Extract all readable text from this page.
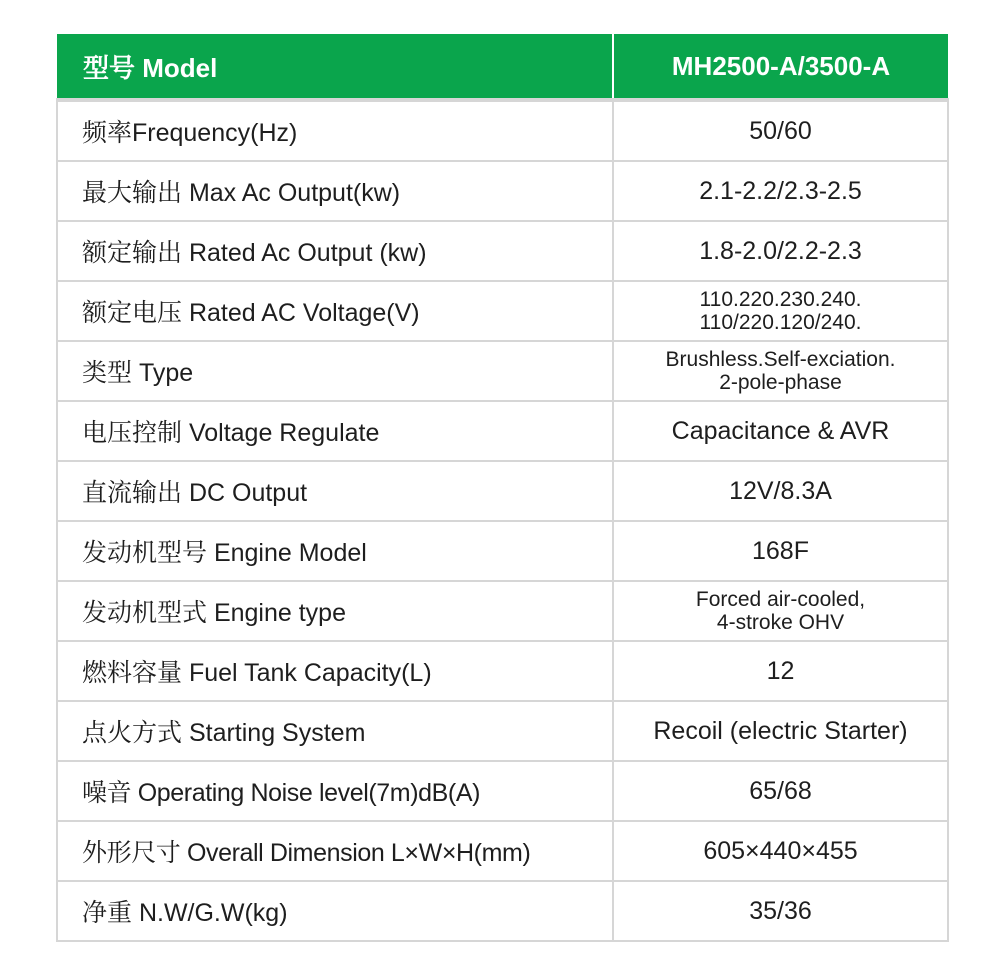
型号 Model	MH2500-A/3500-A
频率Frequency(Hz)	50/60
最大输出 Max Ac Output(kw)	2.1-2.2/2.3-2.5
额定输出 Rated Ac Output (kw)	1.8-2.0/2.2-2.3
额定电压 Rated AC Voltage(V)	110.220.230.240.
110/220.120/240.

类型 Type	Brushless.Self-exciation.
2-pole-phase

电压控制 Voltage Regulate	Capacitance & AVR
直流输出 DC Output	12V/8.3A
发动机型号 Engine Model	168F
发动机型式 Engine type	Forced air-cooled,
4-stroke OHV

燃料容量 Fuel Tank Capacity(L)	12
点火方式 Starting System	Recoil (electric Starter)
噪音 Operating Noise level(7m)dB(A)	65/68
外形尺寸 Overall Dimension L×W×H(mm)	605×440×455
净重 N.W/G.W(kg)	35/36
